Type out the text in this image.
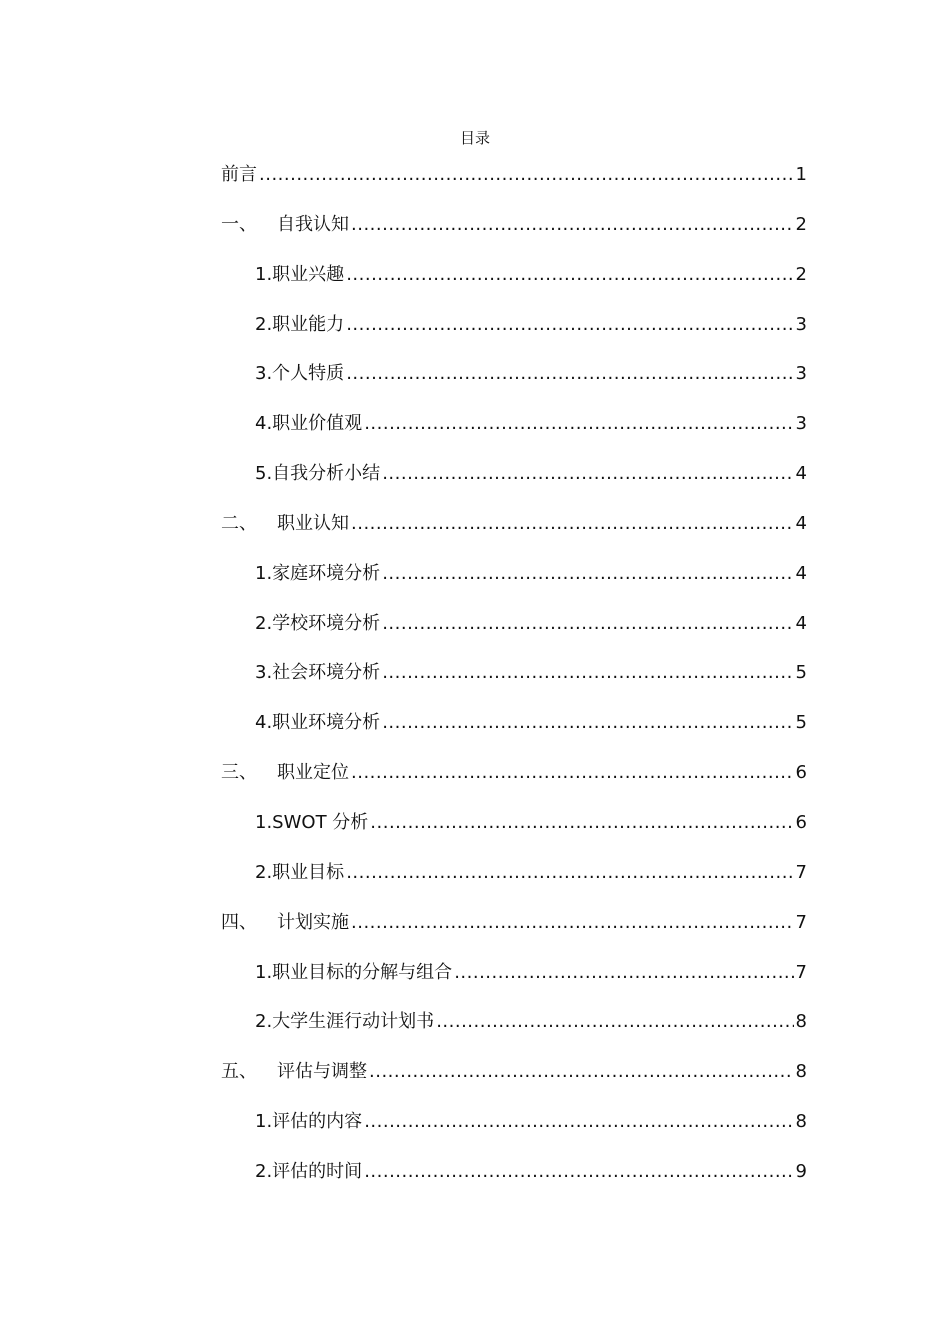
目录
前言 .....	1
一、	自我认知 .....	2
1.职业兴趣 .....	2
2.职业能力 .....	3
3.个人特质 .....	3
4.职业价值观 .....	3
5.自我分析小结 .....	4
二、	职业认知 .....	4
1.家庭环境分析 .....	4
2.学校环境分析 .....	4
3.社会环境分析 .....	5
4.职业环境分析 .....	5
三、	职业定位 .....	6
1.SWOT 分析 .....	6
2.职业目标 .....	7
四、	计划实施 .....	7
1.职业目标的分解与组合 .....	7
2.大学生涯行动计划书 .....	8
五、	评估与调整 .....	8
1.评估的内容 .....	8
2.评估的时间 .....	9
